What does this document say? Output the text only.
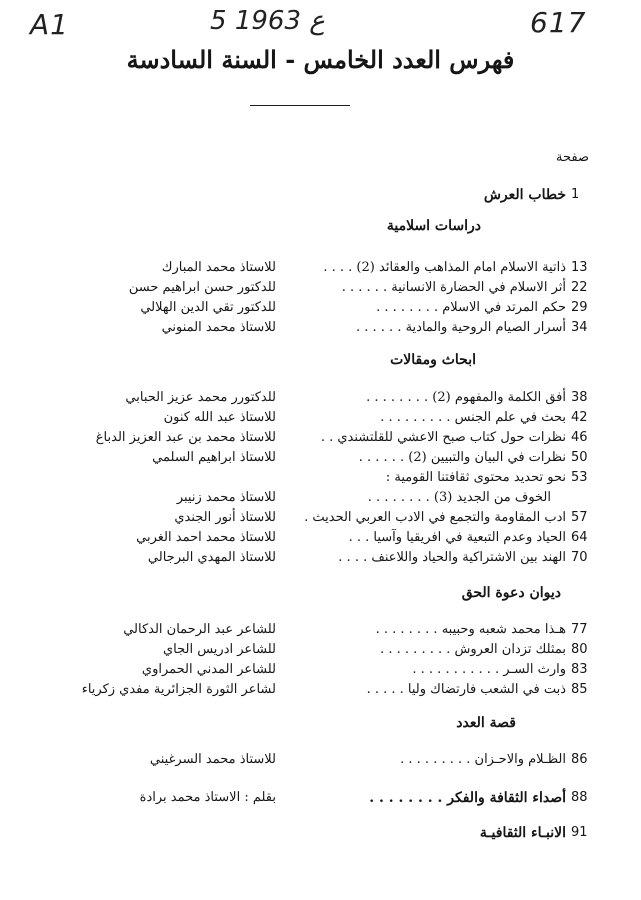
A1	5 ع 1963	617
فهرس العدد الخامس - السنة السادسة
صفحة
1
خطاب العرش
دراسات اسلامية
13
ذاتية الاسلام امام المذاهب والعقائد (2) . . . .
للاستاذ محمد المبارك
22
أثر الاسلام في الحضارة الانسانية . . . . . .
للدكتور حسن ابراهيم حسن
29
حكم المرتد في الاسلام . . . . . . . .
للدكتور تقي الدين الهلالي
34
أسرار الصيام الروحية والمادية . . . . . .
للاستاذ محمد المنوني
ابحاث ومقالات
38
أفق الكلمة والمفهوم (2) . . . . . . . .
للدكتورر محمد عزيز الحبابي
42
بحث في علم الجنس . . . . . . . . .
للاستاذ عبد الله كنون
46
نظرات حول كتاب صبح الاعشي للقلتشندي . .
للاستاذ محمد بن عبد العزيز الدباغ
50
نظرات في البيان والتبيين (2) . . . . . .
للاستاذ ابراهيم السلمي
53
نحو تحديد محتوى ثقافتنا القومية :
الخوف من الجديد (3) . . . . . . . .
للاستاذ محمد زنيبر
57
ادب المقاومة والتجمع في الادب العربي الحديث .
للاستاذ أنور الجندي
64
الحياد وعدم التبعية في افريقيا وآسيا . . .
للاستاذ محمد احمد الغربي
70
الهند بين الاشتراكية والحياد واللاعنف . . . .
للاستاذ المهدي البرجالي
ديوان دعوة الحق
77
هـذا محمد شعبه وحبيبه . . . . . . . .
للشاعر عبد الرحمان الدكالي
80
بمثلك تزدان العروش . . . . . . . . .
للشاعر ادريس الجاي
83
وارث السـر . . . . . . . . . . .
للشاعر المدني الحمراوي
85
ذبت في الشعب فارتضاك وليا . . . . .
لشاعر الثورة الجزائرية مفدي زكرياء
قصة العدد
86
الظـلام والاحـزان . . . . . . . . .
للاستاذ محمد السرغيني
88
أصداء الثقافة والفكر . . . . . . . .
بقلم : الاستاذ محمد برادة
91
الانبـاء الثقافيـة
